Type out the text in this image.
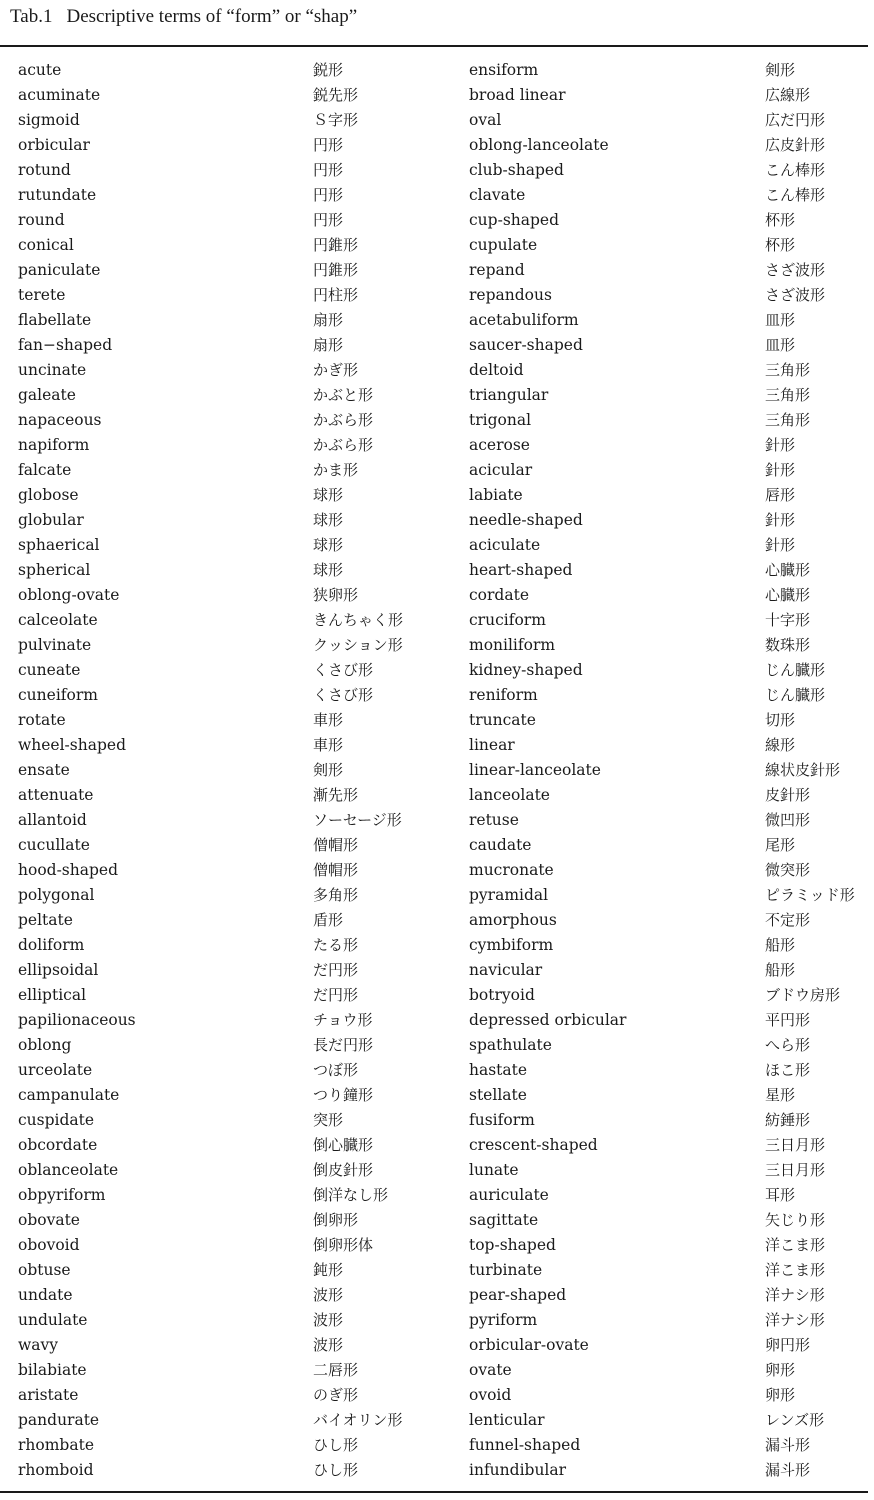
Tab.1 Descriptive terms of “form” or “shap”
acute	鋭形	ensiform	剣形
acuminate	鋭先形	broad linear	広線形
sigmoid	Ｓ字形	oval	広だ円形
orbicular	円形	oblong-lanceolate	広皮針形
rotund	円形	club-shaped	こん棒形
rutundate	円形	clavate	こん棒形
round	円形	cup-shaped	杯形
conical	円錐形	cupulate	杯形
paniculate	円錐形	repand	さざ波形
terete	円柱形	repandous	さざ波形
flabellate	扇形	acetabuliform	皿形
fan−shaped	扇形	saucer-shaped	皿形
uncinate	かぎ形	deltoid	三角形
galeate	かぶと形	triangular	三角形
napaceous	かぶら形	trigonal	三角形
napiform	かぶら形	acerose	針形
falcate	かま形	acicular	針形
globose	球形	labiate	唇形
globular	球形	needle-shaped	針形
sphaerical	球形	aciculate	針形
spherical	球形	heart-shaped	心臓形
oblong-ovate	狭卵形	cordate	心臓形
calceolate	きんちゃく形	cruciform	十字形
pulvinate	クッション形	moniliform	数珠形
cuneate	くさび形	kidney-shaped	じん臓形
cuneiform	くさび形	reniform	じん臓形
rotate	車形	truncate	切形
wheel-shaped	車形	linear	線形
ensate	剣形	linear-lanceolate	線状皮針形
attenuate	漸先形	lanceolate	皮針形
allantoid	ソーセージ形	retuse	微凹形
cucullate	僧帽形	caudate	尾形
hood-shaped	僧帽形	mucronate	微突形
polygonal	多角形	pyramidal	ピラミッド形
peltate	盾形	amorphous	不定形
doliform	たる形	cymbiform	船形
ellipsoidal	だ円形	navicular	船形
elliptical	だ円形	botryoid	ブドウ房形
papilionaceous	チョウ形	depressed orbicular	平円形
oblong	長だ円形	spathulate	へら形
urceolate	つぼ形	hastate	ほこ形
campanulate	つり鐘形	stellate	星形
cuspidate	突形	fusiform	紡錘形
obcordate	倒心臓形	crescent-shaped	三日月形
oblanceolate	倒皮針形	lunate	三日月形
obpyriform	倒洋なし形	auriculate	耳形
obovate	倒卵形	sagittate	矢じり形
obovoid	倒卵形体	top-shaped	洋こま形
obtuse	鈍形	turbinate	洋こま形
undate	波形	pear-shaped	洋ナシ形
undulate	波形	pyriform	洋ナシ形
wavy	波形	orbicular-ovate	卵円形
bilabiate	二唇形	ovate	卵形
aristate	のぎ形	ovoid	卵形
pandurate	バイオリン形	lenticular	レンズ形
rhombate	ひし形	funnel-shaped	漏斗形
rhomboid	ひし形	infundibular	漏斗形
